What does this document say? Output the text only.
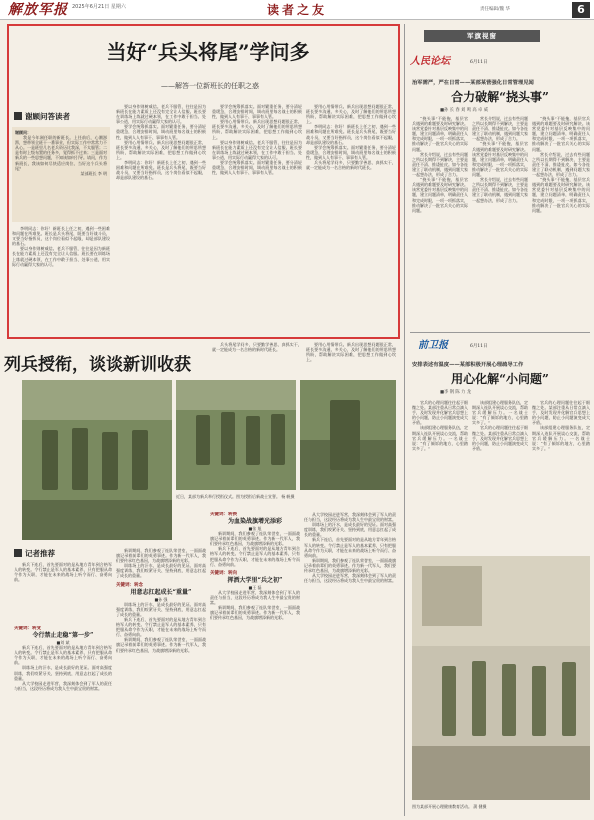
解放军报 2025年6月21日 星期六	读者之友	责任编辑/魏 华	6
当好“兵头将尾”学问多
——解答一位新班长的任职之惑
谢顾问答读者
谢顾问：

我是今年刚任职的新班长。上任前后，心潮澎湃，想带领全班干一番事业，但实际工作中常常力不从心。一是班里几名老兵资历比我深，不太服管；二是有时上级布置的任务多，觉得抓不过来；三是面对新兵的一些思想问题，不知该如何引导。请问，作为新班长，我该如何尽快适应岗位、当好这个兵头将尾？

某部班长 李 明

李明同志：你好！新班长上任之初，遇到一些困难和问题在所难免。班长是兵头将尾，既要当好战斗员，又要当好指挥员，这个岗位看似不起眼，却是部队建设的基石。

要以身作则树威信。老兵不服管，往往是因为新班长在能力素质上还没有完全让人信服。班长要在训练场上练就过硬本领，在工作中敢于担当、处事公道，用实际行动赢得大家的认可。

要以身作则树威信。老兵不服管，往往是因为新班长在能力素质上还没有完全让人信服。班长要在训练场上练就过硬本领，在工作中敢于担当、处事公道，用实际行动赢得大家的认可。

要学会统筹抓落实。面对繁重任务，要分清轻重缓急，合理安排时间，调动班里每名战士的积极性，做到人人有事干、事事有人管。

要用心用情带兵。新兵出现思想问题很正常，班长要多沟通、多关心，及时了解他们的所思所想所盼，帮助解决实际困难，把思想工作做到心坎上。

李明同志：你好！新班长上任之初，遇到一些困难和问题在所难免。班长是兵头将尾，既要当好战斗员，又要当好指挥员，这个岗位看似不起眼，却是部队建设的基石。

要学会统筹抓落实。面对繁重任务，要分清轻重缓急，合理安排时间，调动班里每名战士的积极性，做到人人有事干、事事有人管。

要用心用情带兵。新兵出现思想问题很正常，班长要多沟通、多关心，及时了解他们的所思所想所盼，帮助解决实际困难，把思想工作做到心坎上。

要以身作则树威信。老兵不服管，往往是因为新班长在能力素质上还没有完全让人信服。班长要在训练场上练就过硬本领，在工作中敢于担当、处事公道，用实际行动赢得大家的认可。

要学会统筹抓落实。面对繁重任务，要分清轻重缓急，合理安排时间，调动班里每名战士的积极性，做到人人有事干、事事有人管。

要用心用情带兵。新兵出现思想问题很正常，班长要多沟通、多关心，及时了解他们的所思所想所盼，帮助解决实际困难，把思想工作做到心坎上。

李明同志：你好！新班长上任之初，遇到一些困难和问题在所难免。班长是兵头将尾，既要当好战斗员，又要当好指挥员，这个岗位看似不起眼，却是部队建设的基石。

要学会统筹抓落实。面对繁重任务，要分清轻重缓急，合理安排时间，调动班里每名战士的积极性，做到人人有事干、事事有人管。

兵头将尾学问多，只要勤学善思、真抓实干，就一定能成为一名合格的新时代班长。

兵头将尾学问多，只要勤学善思、真抓实干，就一定能成为一名合格的新时代班长。

要用心用情带兵。新兵出现思想问题很正常，班长要多沟通、多关心，及时了解他们的所思所想所盼，帮助解决实际困难，把思想工作做到心坎上。

列兵授衔，谈谈新训收获
近日，某部为新兵举行授衔仪式。图为授衔后新战士宣誓。 杨 帆摄
记者推荐

新兵下连后，首先要面对的是从地方青年到合格军人的转变。令行禁止是军人的基本素养，只有把服从命令作为天职，才能在未来的战场上听令而行、奋勇向前。

关键词：转变
令行禁止走稳“第一步”
■刘 斌

新兵下连后，首先要面对的是从地方青年到合格军人的转变。令行禁止是军人的基本素养，只有把服从命令作为天职，才能在未来的战场上听令而行、奋勇向前。

训练场上的汗水，是成长最好的见证。面对高强度训练，我们咬紧牙关、坚持到底，用意志扛起了成长的重量。

从大学校园走进军营，我深刻体会到了军人的责任与担当，这段经历将成为我人生中最宝贵的财富。

新训期间，我们参观了连队荣誉室，一面面战旗记录着前辈们的英勇事迹。作为新一代军人，我们要传承红色基因，为战旗增添新的光彩。

训练场上的汗水，是成长最好的见证。面对高强度训练，我们咬紧牙关、坚持到底，用意志扛起了成长的重量。

关键词：转念
用意志扛起成长“重量”
■孙 强

训练场上的汗水，是成长最好的见证。面对高强度训练，我们咬紧牙关、坚持到底，用意志扛起了成长的重量。

新兵下连后，首先要面对的是从地方青年到合格军人的转变。令行禁止是军人的基本素养，只有把服从命令作为天职，才能在未来的战场上听令而行、奋勇向前。

新训期间，我们参观了连队荣誉室，一面面战旗记录着前辈们的英勇事迹。作为新一代军人，我们要传承红色基因，为战旗增添新的光彩。

关键词：转换
为血染战旗增光添彩
■张 旭

新训期间，我们参观了连队荣誉室，一面面战旗记录着前辈们的英勇事迹。作为新一代军人，我们要传承红色基因，为战旗增添新的光彩。

新兵下连后，首先要面对的是从地方青年到合格军人的转变。令行禁止是军人的基本素养，只有把服从命令作为天职，才能在未来的战场上听令而行、奋勇向前。

关键词：转向
挥洒大学里“兵之初”
■王 磊

从大学校园走进军营，我深刻体会到了军人的责任与担当，这段经历将成为我人生中最宝贵的财富。

新训期间，我们参观了连队荣誉室，一面面战旗记录着前辈们的英勇事迹。作为新一代军人，我们要传承红色基因，为战旗增添新的光彩。

从大学校园走进军营，我深刻体会到了军人的责任与担当，这段经历将成为我人生中最宝贵的财富。

训练场上的汗水，是成长最好的见证。面对高强度训练，我们咬紧牙关、坚持到底，用意志扛起了成长的重量。

新兵下连后，首先要面对的是从地方青年到合格军人的转变。令行禁止是军人的基本素养，只有把服从命令作为天职，才能在未来的战场上听令而行、奋勇向前。

新训期间，我们参观了连队荣誉室，一面面战旗记录着前辈们的英勇事迹。作为新一代军人，我们要传承红色基因，为战旗增添新的光彩。

从大学校园走进军营，我深刻体会到了军人的责任与担当，这段经历将成为我人生中最宝贵的财富。

军旗视窗
人民论坛	6月11日
治军需严，严在日常——某部某营强化日常管理见闻
合力破解“挠头事”
■孙 长 春 刘 鸣 高 卓 威

“挠头事”不能拖，基层官兵遇到的难题要及时研究解决。该营党委针对基层反映集中的问题，建立问题清单，明确责任人和完成时限，一项一项抓落实，推动解决了一批官兵关心的实际问题。

营长介绍说，过去有些问题之所以长期得不到解决，主要是责任不清、推诿扯皮。如今各连建立了联动机制，遇到问题大家一起想办法，形成了合力。

“挠头事”不能拖，基层官兵遇到的难题要及时研究解决。该营党委针对基层反映集中的问题，建立问题清单，明确责任人和完成时限，一项一项抓落实，推动解决了一批官兵关心的实际问题。

营长介绍说，过去有些问题之所以长期得不到解决，主要是责任不清、推诿扯皮。如今各连建立了联动机制，遇到问题大家一起想办法，形成了合力。

“挠头事”不能拖，基层官兵遇到的难题要及时研究解决。该营党委针对基层反映集中的问题，建立问题清单，明确责任人和完成时限，一项一项抓落实，推动解决了一批官兵关心的实际问题。

营长介绍说，过去有些问题之所以长期得不到解决，主要是责任不清、推诿扯皮。如今各连建立了联动机制，遇到问题大家一起想办法，形成了合力。

“挠头事”不能拖，基层官兵遇到的难题要及时研究解决。该营党委针对基层反映集中的问题，建立问题清单，明确责任人和完成时限，一项一项抓落实，推动解决了一批官兵关心的实际问题。

营长介绍说，过去有些问题之所以长期得不到解决，主要是责任不清、推诿扯皮。如今各连建立了联动机制，遇到问题大家一起想办法，形成了合力。

“挠头事”不能拖，基层官兵遇到的难题要及时研究解决。该营党委针对基层反映集中的问题，建立问题清单，明确责任人和完成时限，一项一项抓落实，推动解决了一批官兵关心的实际问题。

前卫报	6月11日
安排表述有温度——某部积极开展心理疏导工作
用心化解“小问题”
■李 钢 陈 力 龙

官兵的心理问题往往起于细微之处。某部注重从日常点滴入手，及时发现并化解官兵思想上的小问题，防止小问题演变成大矛盾。

该部组建心理服务队伍，定期深入连队开展谈心交流，帮助官兵缓解压力。一名战士说：“有了倾诉的地方，心里踏实多了。”

该部组建心理服务队伍，定期深入连队开展谈心交流，帮助官兵缓解压力。一名战士说：“有了倾诉的地方，心里踏实多了。”

官兵的心理问题往往起于细微之处。某部注重从日常点滴入手，及时发现并化解官兵思想上的小问题，防止小问题演变成大矛盾。

官兵的心理问题往往起于细微之处。某部注重从日常点滴入手，及时发现并化解官兵思想上的小问题，防止小问题演变成大矛盾。

该部组建心理服务队伍，定期深入连队开展谈心交流，帮助官兵缓解压力。一名战士说：“有了倾诉的地方，心里踏实多了。”

图为某部开展心理健康教育活动。 蒲 健摄
